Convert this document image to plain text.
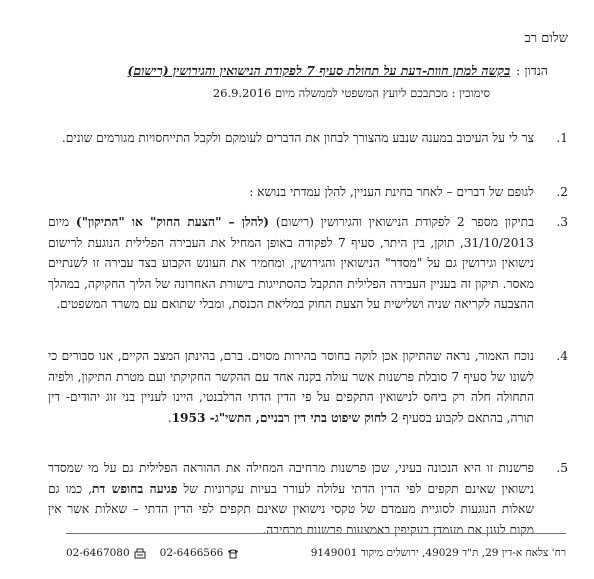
שלום רב
הנדון :בקשה למתן חוות-דעת על תחולת סעיף 7 לפקודת הנישואין והגירושין (רישום)
סימוכין : מכתבכם ליועץ המשפטי לממשלה מיום 26.9.2016
1.
צר לי על העיכוב במענה שנבע מהצורך לבחון את הדברים לעומקם ולקבל התייחסויות מגורמים שונים.
2.
לגופם של דברים – לאחר בחינת העניין, להלן עמדתי בנושא :
3.
בתיקון מספר 2 לפקודת הנישואין והגירושין (רישום) (להלן – "הצעת החוק" או "התיקון") מיום 31/10/2013, תוקן, בין היתר, סעיף 7 לפקודה באופן המחיל את העבירה הפלילית הנוגעת לרישום נישואין וגירושין גם על "מסדר" הנישואין והגירושין, ומחמיר את העונש הקבוע בצד עבירה זו לשנתיים מאסר. תיקון זה בעניין העבירה הפלילית התקבל כהסתייגות בישורת האחרונה של הליך החקיקה, במהלך ההצבעה לקריאה שניה ושלישית על הצעת החוק במליאת הכנסת, ומבלי שתואם עם משרד המשפטים.
4.
נוכח האמור, נראה שהתיקון אכן לוקה בחוסר בהירות מסוים. ברם, בהינתן המצב הקיים, אנו סבורים כי לשונו של סעיף 7 סובלת פרשנות אשר עולה בקנה אחד עם ההקשר החקיקתי ועם מטרת התיקון, ולפיה התחולה חלה רק ביחס לנישואין התקפים על פי הדין הדתי הרלבנטי, היינו לעניין בני זוג יהודים- דין תורה, בהתאם לקבוע בסעיף 2 לחוק שיפוט בתי דין רבניים, התשי"ג- 1953.
5.
פרשנות זו היא הנכונה בעיני, שכן פרשנות מרחיבה המחילה את ההוראה הפלילית גם על מי שמסדר נישואין שאינם תקפים לפי הדין הדתי עלולה לעורר בעיות עקרוניות של פגיעה בחופש דת, כמו גם שאלות הנוגעות לסוגיית מעמדם של טקסי נישואין שאינם תקפים לפי הדין הדתי – שאלות אשר אין מקום לענן את מעמדן בעקיפין באמצעות פרשנות מרחיבה.
רח' צלאח א-דין 29, ת"ד 49029, ירושלים מיקוד 9149001
02-6467080	02-6466566
